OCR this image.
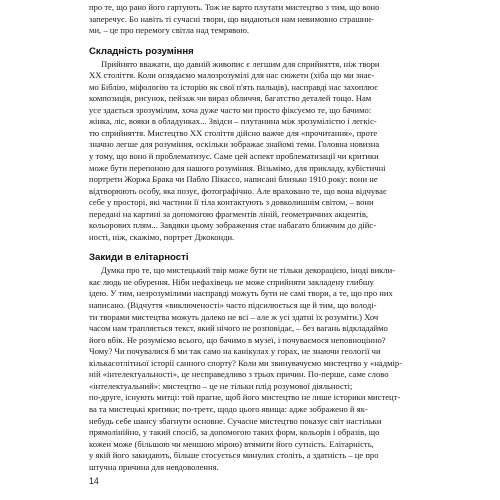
про те, що рано його гартують. Тож не варто плутати мистецтво з тим, що воно
заперечує. Бо навіть ті сучасні твори, що видаються нам невимовно страшни-
ми, – це про перемогу світла над темрявою.
Складність розуміння
Прийнято вважати, що давній живопис є легшим для сприйняття, ніж твори
XX століття. Коли оглядаємо малозрозумілі для нас сюжети (хіба що ми знає-
мо Біблію, міфологію та історію як свої п'ять пальців), насправді нас захоплює
композиція, рисунок, пейзаж чи вираз обличчя, багатство деталей тощо. Нам
усе здається зрозумілим, хоча дуже часто ми просто фіксуємо те, що бачимо:
жінка, ліс, вояки в обладунках... Звідси – плутанина між зрозумілістю і легкіс-
тю сприйняття. Мистецтво XX століття дійсно важче для «прочитання», проте
значно легше для розуміння, оскільки зображає знайомі теми. Головна новизна
у тому, що воно й проблематизує. Саме цей аспект проблематизації чи критики
може бути перепоною для нашого розуміння. Візьмімо, для прикладу, кубістичні
портрети Жоржа Брака чи Пабло Пікассо, написані близько 1910 року: вони не
відтворюють особу, яка позує, фотографічно. Але враховано те, що вона відчуває
себе у просторі, які частини її тіла контактують з довколишнім світом, – вони
передані на картині за допомогою фрагментів ліній, геометричних акцентів,
кольорових плям... Завдяки цьому зображення стає набагато ближчим до дійс-
ності, ніж, скажімо, портрет Джоконди.
Закиди в елітарності
Думка про те, що мистецький твір може бути не тільки декорацією, іноді викли-
кає людь не обурення. Ніби нефахівець не може сприйняти закладену глибшу
ідею. У тим, незрозумілими насправді можуть бути не самі твори, а те, що про них
написано. (Відчуття «виключеності» часто підсилюється ще й тим, що володі-
ти творами мистецтва можуть далеко не всі – але ж усі здатні їх розуміти.) Хоч
часом нам трапляється текст, який нічого не розповідає, – без вагань відкладаймо
його вбік. Не розуміємо всього, що бачимо в музеї, і почуваємося неповноцінно?
Чому? Чи почувалися б ми так само на канікулах у горах, не знаючи геології чи
кількасотлітньої історії санного спорту? Коли ми звинувачуємо мистецтво у «надмір-
ній «інтелектуальності», це несправедливо з трьох причин. По-перше, саме слово
«інтелектуальний»: мистецтво – це не тільки плід розумової діяльності;
по-друге, існують митці: той прагне, щоб його мистецтво не лише історики мистецт-
ва та мистецькі критики; по-третє, щодо цього явища: адже зображено й як-
небудь себе шансу збагнути основне. Сучасне мистецтво показує світ настільки
прямолінійно, у такий спосіб, за допомогою таких форм, кольорів і образів, що
кожен може (більшою чи меншою мірою) втямити його сутність. Елітарність,
у якій його закидають, більше стосується минулих століть, а здатність – це про
штучна причина для невдоволення.
14
